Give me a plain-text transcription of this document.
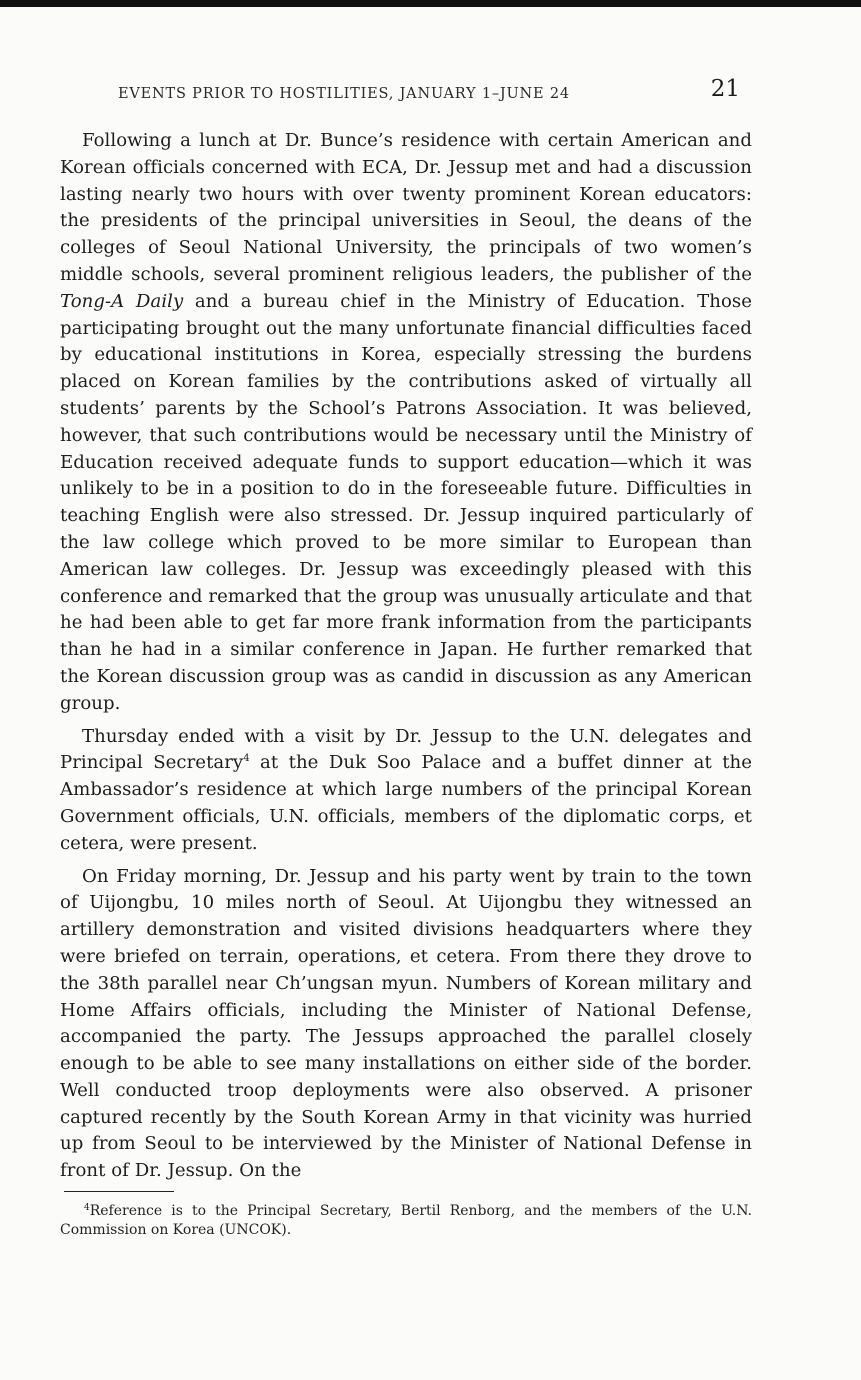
EVENTS PRIOR TO HOSTILITIES, JANUARY 1–JUNE 24	21

Following a lunch at Dr. Bunce’s residence with certain American and Korean officials concerned with ECA, Dr. Jessup met and had a discussion lasting nearly two hours with over twenty prominent Korean educators: the presidents of the principal universities in Seoul, the deans of the colleges of Seoul National University, the principals of two women’s middle schools, several prominent religious leaders, the publisher of the Tong-A Daily and a bureau chief in the Ministry of Education. Those participating brought out the many unfortunate financial difficulties faced by educational institutions in Korea, especially stressing the burdens placed on Korean families by the contributions asked of virtually all students’ parents by the School’s Patrons Association. It was believed, however, that such contributions would be necessary until the Ministry of Education received adequate funds to support education—which it was unlikely to be in a position to do in the foreseeable future. Difficulties in teaching English were also stressed. Dr. Jessup inquired particularly of the law college which proved to be more similar to European than American law colleges. Dr. Jessup was exceedingly pleased with this conference and remarked that the group was unusually articulate and that he had been able to get far more frank information from the participants than he had in a similar conference in Japan. He further remarked that the Korean discussion group was as candid in discussion as any American group.

Thursday ended with a visit by Dr. Jessup to the U.N. delegates and Principal Secretary$^4$ at the Duk Soo Palace and a buffet dinner at the Ambassador’s residence at which large numbers of the principal Korean Government officials, U.N. officials, members of the diplomatic corps, et cetera, were present.

On Friday morning, Dr. Jessup and his party went by train to the town of Uijongbu, 10 miles north of Seoul. At Uijongbu they witnessed an artillery demonstration and visited divisions headquarters where they were briefed on terrain, operations, et cetera. From there they drove to the 38th parallel near Ch’ungsan myun. Numbers of Korean military and Home Affairs officials, including the Minister of National Defense, accompanied the party. The Jessups approached the parallel closely enough to be able to see many installations on either side of the border. Well conducted troop deployments were also observed. A prisoner captured recently by the South Korean Army in that vicinity was hurried up from Seoul to be interviewed by the Minister of National Defense in front of Dr. Jessup. On the

$^4$Reference is to the Principal Secretary, Bertil Renborg, and the members of the U.N. Commission on Korea (UNCOK).
